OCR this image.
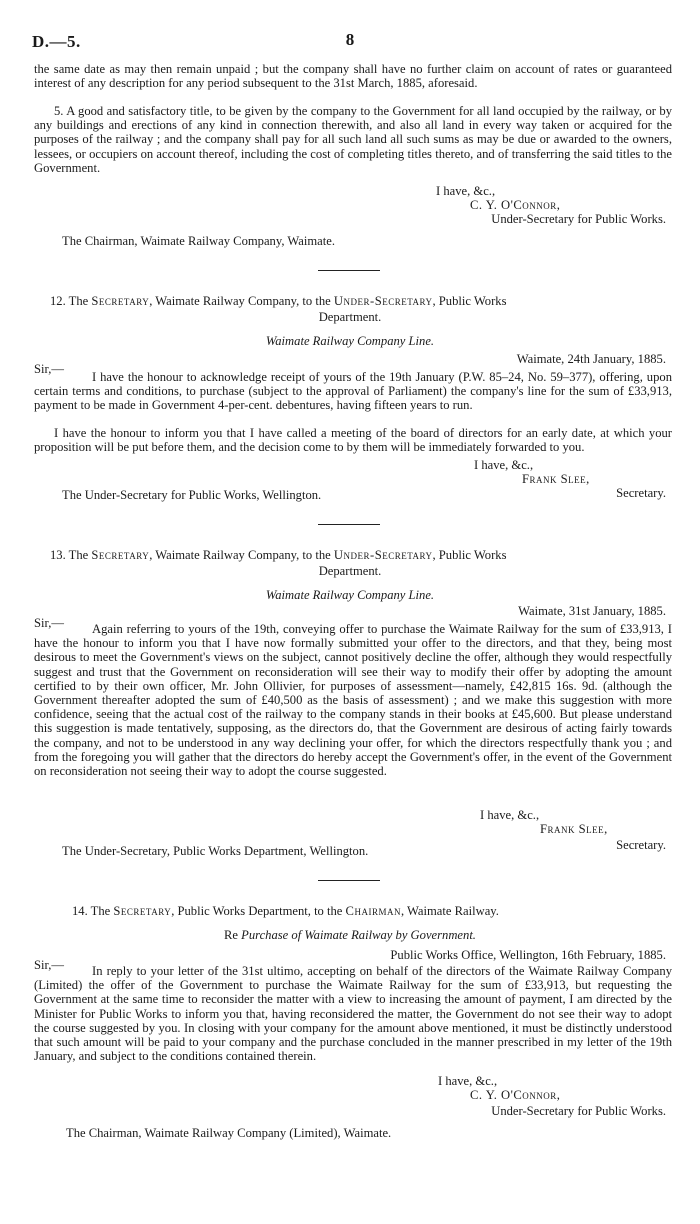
D.—5.	8
the same date as may then remain unpaid ; but the company shall have no further claim on account of rates or guaranteed interest of any description for any period subsequent to the 31st March, 1885, aforesaid.
5. A good and satisfactory title, to be given by the company to the Government for all land occupied by the railway, or by any buildings and erections of any kind in connection therewith, and also all land in every way taken or acquired for the purposes of the railway ; and the company shall pay for all such land all such sums as may be due or awarded to the owners, lessees, or occupiers on account thereof, including the cost of completing titles thereto, and of transferring the said titles to the Government.
I have, &c.,
C. Y. O'Connor,
Under-Secretary for Public Works.
The Chairman, Waimate Railway Company, Waimate.
12. The Secretary, Waimate Railway Company, to the Under-Secretary, Public Works
Department.
Waimate Railway Company Line.
Waimate, 24th January, 1885.
Sir,—
I have the honour to acknowledge receipt of yours of the 19th January (P.W. 85–24, No. 59–377), offering, upon certain terms and conditions, to purchase (subject to the approval of Parliament) the company's line for the sum of £33,913, payment to be made in Government 4-per-cent. debentures, having fifteen years to run.
I have the honour to inform you that I have called a meeting of the board of directors for an early date, at which your proposition will be put before them, and the decision come to by them will be immediately forwarded to you.
I have, &c.,
Frank Slee,
Secretary.
The Under-Secretary for Public Works, Wellington.
13. The Secretary, Waimate Railway Company, to the Under-Secretary, Public Works
Department.
Waimate Railway Company Line.
Waimate, 31st January, 1885.
Sir,—	Again referring to yours of the 19th, conveying offer to purchase the Waimate Railway for the sum of £33,913, I have the honour to inform you that I have now formally submitted your offer to the directors, and that they, being most desirous to meet the Government's views on the subject, cannot positively decline the offer, although they would respectfully suggest and trust that the Government on reconsideration will see their way to modify their offer by adopting the amount certified to by their own officer, Mr. John Ollivier, for purposes of assessment—namely, £42,815 16s. 9d. (although the Government thereafter adopted the sum of £40,500 as the basis of assessment) ; and we make this suggestion with more confidence, seeing that the actual cost of the railway to the company stands in their books at £45,600. But please understand this suggestion is made tentatively, supposing, as the directors do, that the Government are desirous of acting fairly towards the company, and not to be understood in any way declining your offer, for which the directors respectfully thank you ; and from the foregoing you will gather that the directors do hereby accept the Government's offer, in the event of the Government on reconsideration not seeing their way to adopt the course suggested.
I have, &c.,
Frank Slee,
Secretary.
The Under-Secretary, Public Works Department, Wellington.
14. The Secretary, Public Works Department, to the Chairman, Waimate Railway.
Re Purchase of Waimate Railway by Government.
Public Works Office, Wellington, 16th February, 1885.
Sir,—	In reply to your letter of the 31st ultimo, accepting on behalf of the directors of the Waimate Railway Company (Limited) the offer of the Government to purchase the Waimate Railway for the sum of £33,913, but requesting the Government at the same time to reconsider the matter with a view to increasing the amount of payment, I am directed by the Minister for Public Works to inform you that, having reconsidered the matter, the Government do not see their way to adopt the course suggested by you. In closing with your company for the amount above mentioned, it must be distinctly understood that such amount will be paid to your company and the purchase concluded in the manner prescribed in my letter of the 19th January, and subject to the conditions contained therein.
I have, &c.,
C. Y. O'Connor,
Under-Secretary for Public Works.
The Chairman, Waimate Railway Company (Limited), Waimate.
